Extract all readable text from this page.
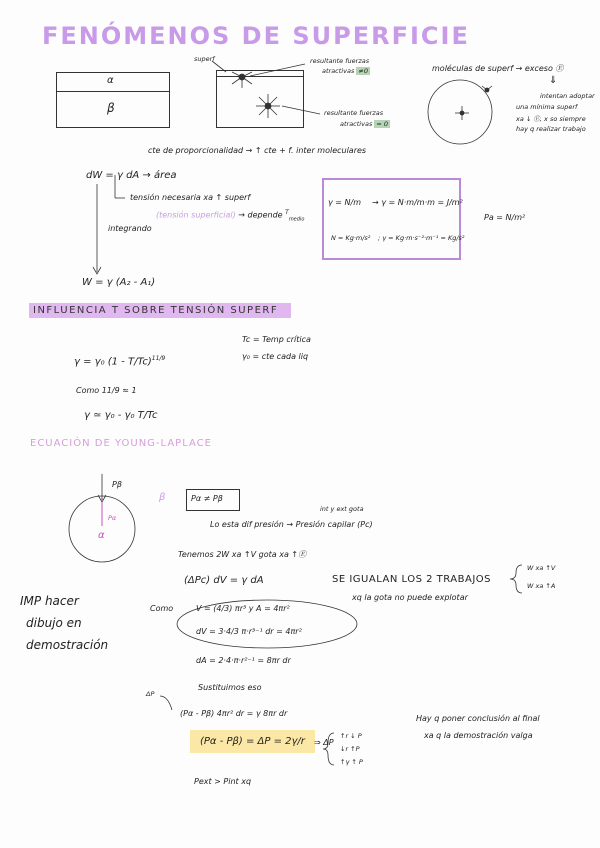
FENÓMENOS DE SUPERFICIE
α
β
superf	resultante fuerzas
atractivas ≠0
resultante fuerzas
atractivas = 0
moléculas de superf → exceso Ⓔ
⇓
intentan adoptar
una mínima superf
xa ↓ Ⓔ, x so siempre
hay q realizar trabajo
cte de proporcionalidad → ↑ cte + f. inter moleculares
dW = γ dA → área
tensión necesaria xa ↑ superf
(tensión superficial) → depende $^T_{medio}$
integrando
W = γ (A₂ - A₁)
γ = N/m → γ = N·m/m·m = J/m²
N = Kg·m/s² ; γ = Kg·m·s⁻²·m⁻¹ = Kg/s²
Pa = N/m²
INFLUENCIA T SOBRE TENSIÓN SUPERF
Tc = Temp crítica
γ₀ = cte cada liq
γ = γ₀ (1 - T/Tc)$^{11/9}$
Como 11/9 ≈ 1
γ ≃ γ₀ - γ₀ T/Tc
ECUACIÓN DE YOUNG-LAPLACE
Pβ
Pα
α
β	Pα ≠ Pβ
int y ext gota
Lo esta dif presión → Presión capilar (Pc)
Tenemos 2W xa ↑V gota xa ↑Ⓔ
(ΔPc) dV = γ dA	SE IGUALAN LOS 2 TRABAJOS
xq la gota no puede explotar
W xa ↑V
W xa ↑A
IMP hacer
dibujo en
demostración
Como	V = (4/3) πr³ y A = 4πr²
dV = 3·4/3 π·r³⁻¹ dr = 4πr²
dA = 2·4·π·r²⁻¹ = 8πr dr
Sustituimos eso
ΔP
(Pα - Pβ) 4πr² dr = γ 8πr dr
(Pα - Pβ) = ΔP = 2γ/r	⇒ ΔP
↑r ↓ P
↓r ↑P
↑γ ↑ P
Hay q poner conclusión al final
xa q la demostración valga
Pext > Pint xq
